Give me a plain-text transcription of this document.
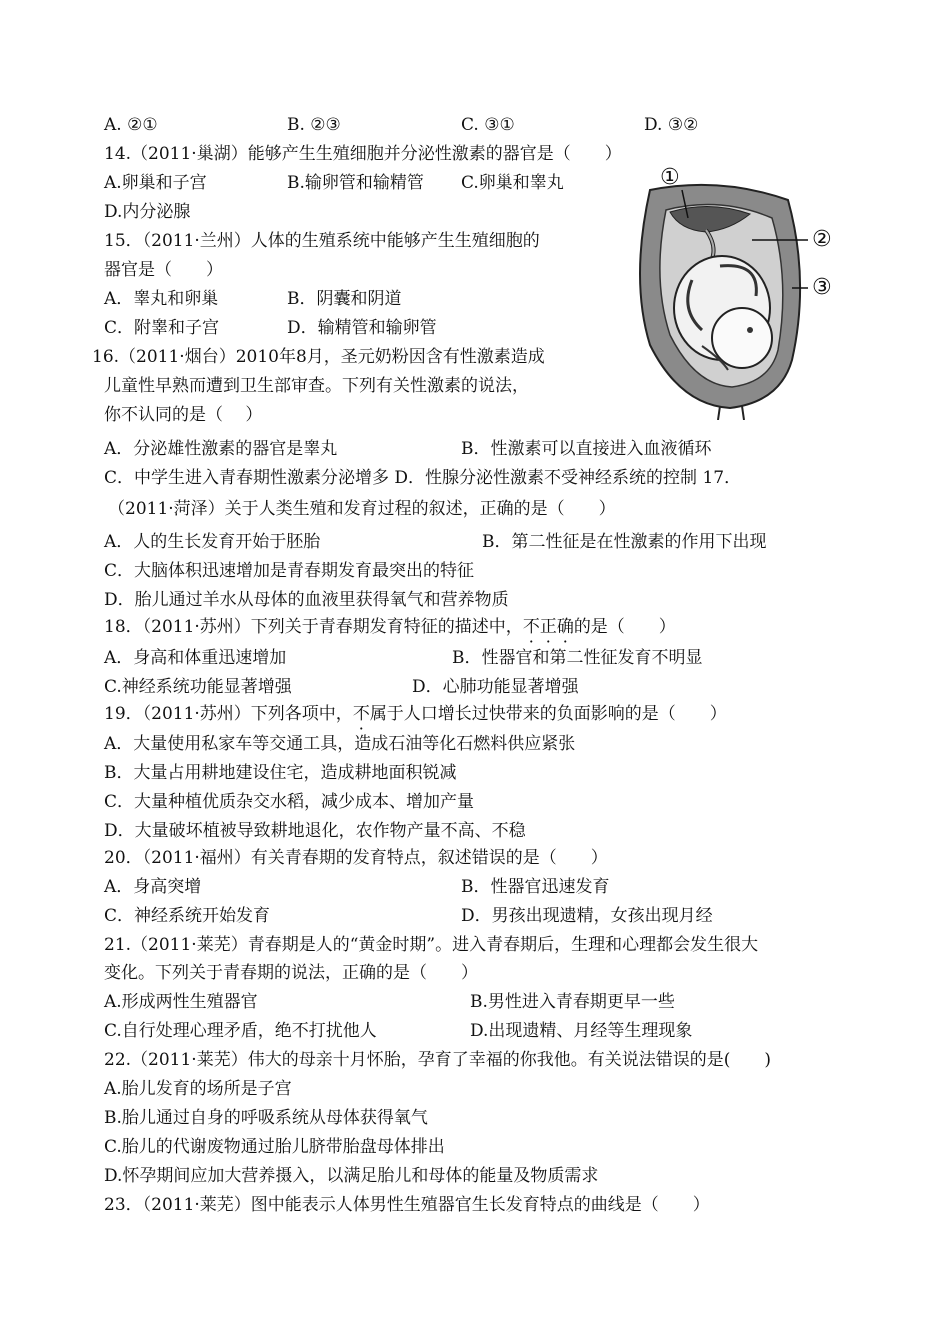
A. ②①	B. ②③	C. ③①	D. ③②
14.（2011·巢湖）能够产生生殖细胞并分泌性激素的器官是（　　）
A.卵巢和子宫	B.输卵管和输精管 C.卵巢和睾丸
D.内分泌腺
15．（2011·兰州）人体的生殖系统中能够产生生殖细胞的
器官是（　　）
A．睾丸和卵巢	B．阴囊和阴道
C．附睾和子宫	D．输精管和输卵管
①
②
③
16.（2011·烟台）2010年8月，圣元奶粉因含有性激素造成
儿童性早熟而遭到卫生部审查。下列有关性激素的说法，
你不认同的是（　 ）
A．分泌雄性激素的器官是睾丸	B．性激素可以直接进入血液循环
C．中学生进入青春期性激素分泌增多 D．性腺分泌性激素不受神经系统的控制 17．
（2011·菏泽）关于人类生殖和发育过程的叙述，正确的是（　　）
A．人的生长发育开始于胚胎	B．第二性征是在性激素的作用下出现
C．大脑体积迅速增加是青春期发育最突出的特征
D．胎儿通过羊水从母体的血液里获得氧气和营养物质
18．（2011·苏州）下列关于青春期发育特征的描述中，不正确的是（　　）
A．身高和体重迅速增加	B．性器官和第二性征发育不明显
C.神经系统功能显著增强	D．心肺功能显著增强
19．（2011·苏州）下列各项中，不属于人口增长过快带来的负面影响的是（　　）
A．大量使用私家车等交通工具，造成石油等化石燃料供应紧张
B．大量占用耕地建设住宅，造成耕地面积锐减
C．大量种植优质杂交水稻，减少成本、增加产量
D．大量破坏植被导致耕地退化，农作物产量不高、不稳
20．（2011·福州）有关青春期的发育特点，叙述错误的是（　　）
A．身高突增	B．性器官迅速发育
C．神经系统开始发育	D．男孩出现遗精，女孩出现月经
21.（2011·莱芜）青春期是人的“黄金时期”。进入青春期后，生理和心理都会发生很大
变化。下列关于青春期的说法，正确的是（　　）
A.形成两性生殖器官	B.男性进入青春期更早一些
C.自行处理心理矛盾，绝不打扰他人	D.出现遗精、月经等生理现象
22.（2011·莱芜）伟大的母亲十月怀胎，孕育了幸福的你我他。有关说法错误的是(　　)
A.胎儿发育的场所是子宫
B.胎儿通过自身的呼吸系统从母体获得氧气
C.胎儿的代谢废物通过胎儿脐带胎盘母体排出
D.怀孕期间应加大营养摄入，以满足胎儿和母体的能量及物质需求
23．（2011·莱芜）图中能表示人体男性生殖器官生长发育特点的曲线是（　　）
